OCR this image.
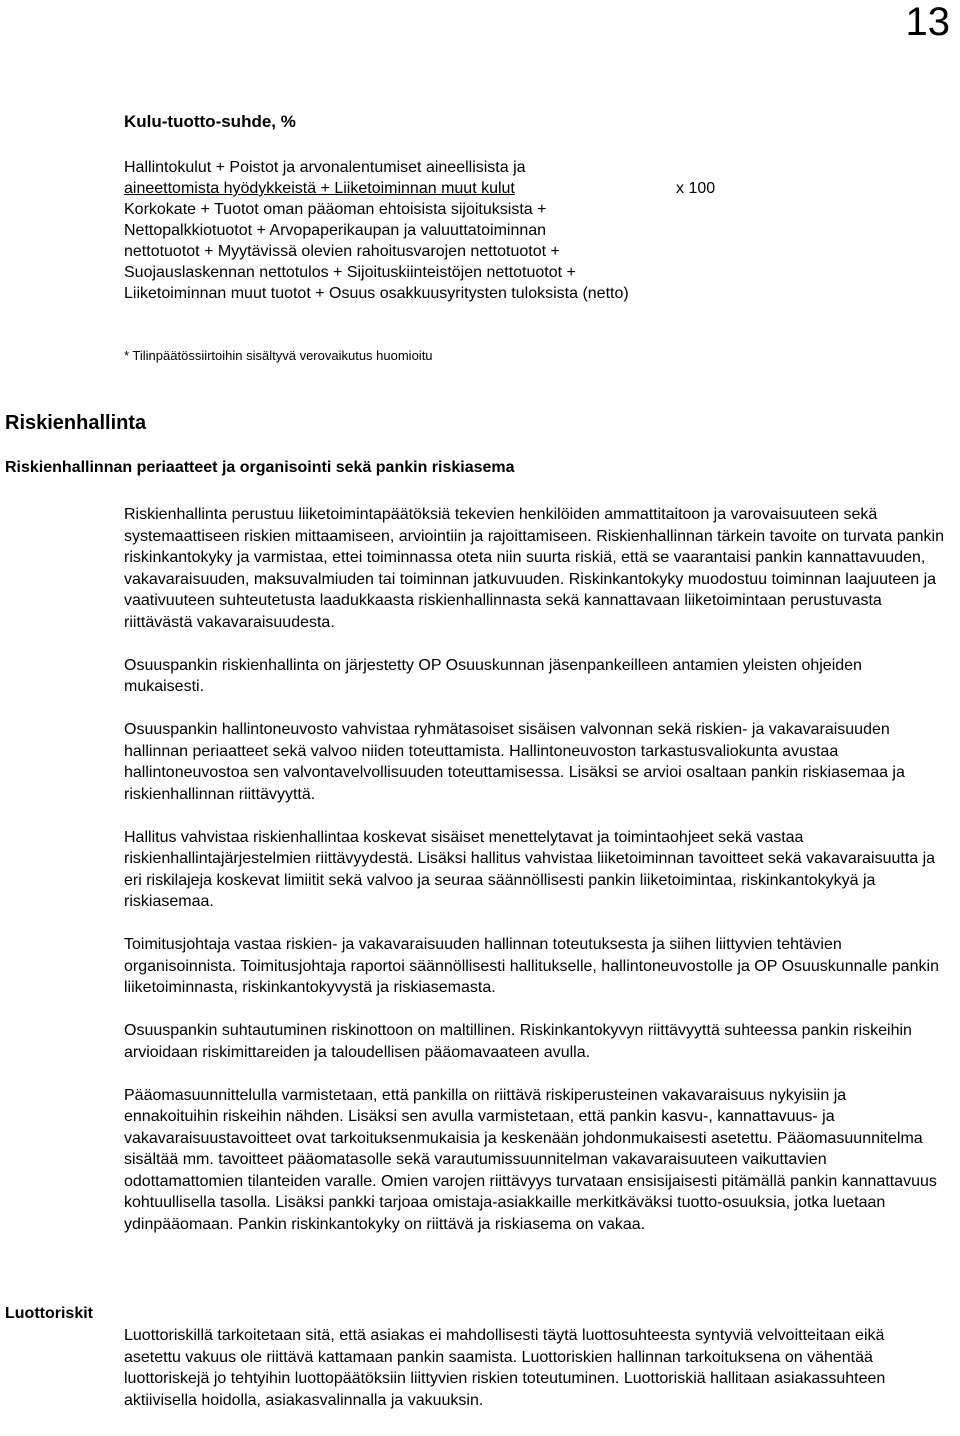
13
Kulu-tuotto-suhde, %
Hallintokulut + Poistot ja arvonalentumiset aineellisista ja
aineettomista hyödykkeistä + Liiketoiminnan muut kulut	x 100
Korkokate + Tuotot oman pääoman ehtoisista sijoituksista +
Nettopalkkiotuotot + Arvopaperikaupan ja valuuttatoiminnan
nettotuotot + Myytävissä olevien rahoitusvarojen nettotuotot +
Suojauslaskennan nettotulos + Sijoituskiinteistöjen nettotuotot +
Liiketoiminnan muut tuotot + Osuus osakkuusyritysten tuloksista (netto)
* Tilinpäätössiirtoihin sisältyvä verovaikutus huomioitu
Riskienhallinta
Riskienhallinnan periaatteet ja organisointi sekä pankin riskiasema

Riskienhallinta perustuu liiketoimintapäätöksiä tekevien henkilöiden ammattitaitoon ja varovaisuuteen sekä systemaattiseen riskien mittaamiseen, arviointiin ja rajoittamiseen. Riskienhallinnan tärkein tavoite on turvata pankin riskinkantokyky ja varmistaa, ettei toiminnassa oteta niin suurta riskiä, että se vaarantaisi pankin kannattavuuden, vakavaraisuuden, maksuvalmiuden tai toiminnan jatkuvuuden. Riskinkantokyky muodostuu toiminnan laajuuteen ja vaativuuteen suhteutetusta laadukkaasta riskienhallinnasta sekä kannattavaan liiketoimintaan perustuvasta riittävästä vakavaraisuudesta.

Osuuspankin riskienhallinta on järjestetty OP Osuuskunnan jäsenpankeilleen antamien yleisten ohjeiden mukaisesti.

Osuuspankin hallintoneuvosto vahvistaa ryhmätasoiset sisäisen valvonnan sekä riskien- ja vakavaraisuuden hallinnan periaatteet sekä valvoo niiden toteuttamista. Hallintoneuvoston tarkastusvaliokunta avustaa hallintoneuvostoa sen valvontavelvollisuuden toteuttamisessa. Lisäksi se arvioi osaltaan pankin riskiasemaa ja riskienhallinnan riittävyyttä.

Hallitus vahvistaa riskienhallintaa koskevat sisäiset menettelytavat ja toimintaohjeet sekä vastaa riskienhallintajärjestelmien riittävyydestä. Lisäksi hallitus vahvistaa liiketoiminnan tavoitteet sekä vakavaraisuutta ja eri riskilajeja koskevat limiitit sekä valvoo ja seuraa säännöllisesti pankin liiketoimintaa, riskinkantokykyä ja riskiasemaa.

Toimitusjohtaja vastaa riskien- ja vakavaraisuuden hallinnan toteutuksesta ja siihen liittyvien tehtävien organisoinnista. Toimitusjohtaja raportoi säännöllisesti hallitukselle, hallintoneuvostolle ja OP Osuuskunnalle pankin liiketoiminnasta, riskinkantokyvystä ja riskiasemasta.

Osuuspankin suhtautuminen riskinottoon on maltillinen. Riskinkantokyvyn riittävyyttä suhteessa pankin riskeihin arvioidaan riskimittareiden ja taloudellisen pääomavaateen avulla.

Pääomasuunnittelulla varmistetaan, että pankilla on riittävä riskiperusteinen vakavaraisuus nykyisiin ja ennakoituihin riskeihin nähden. Lisäksi sen avulla varmistetaan, että pankin kasvu-, kannattavuus- ja vakavaraisuustavoitteet ovat tarkoituksenmukaisia ja keskenään johdonmukaisesti asetettu. Pääomasuunnitelma sisältää mm. tavoitteet pääomatasolle sekä varautumissuunnitelman vakavaraisuuteen vaikuttavien odottamattomien tilanteiden varalle. Omien varojen riittävyys turvataan ensisijaisesti pitämällä pankin kannattavuus kohtuullisella tasolla. Lisäksi pankki tarjoaa omistaja-asiakkaille merkitkäväksi tuotto-osuuksia, jotka luetaan ydinpääomaan. Pankin riskinkantokyky on riittävä ja riskiasema on vakaa.

Luottoriskit

Luottoriskillä tarkoitetaan sitä, että asiakas ei mahdollisesti täytä luottosuhteesta syntyviä velvoitteitaan eikä asetettu vakuus ole riittävä kattamaan pankin saamista. Luottoriskien hallinnan tarkoituksena on vähentää luottoriskejä jo tehtyihin luottopäätöksiin liittyvien riskien toteutuminen. Luottoriskiä hallitaan asiakassuhteen aktiivisella hoidolla, asiakasvalinnalla ja vakuuksin.
